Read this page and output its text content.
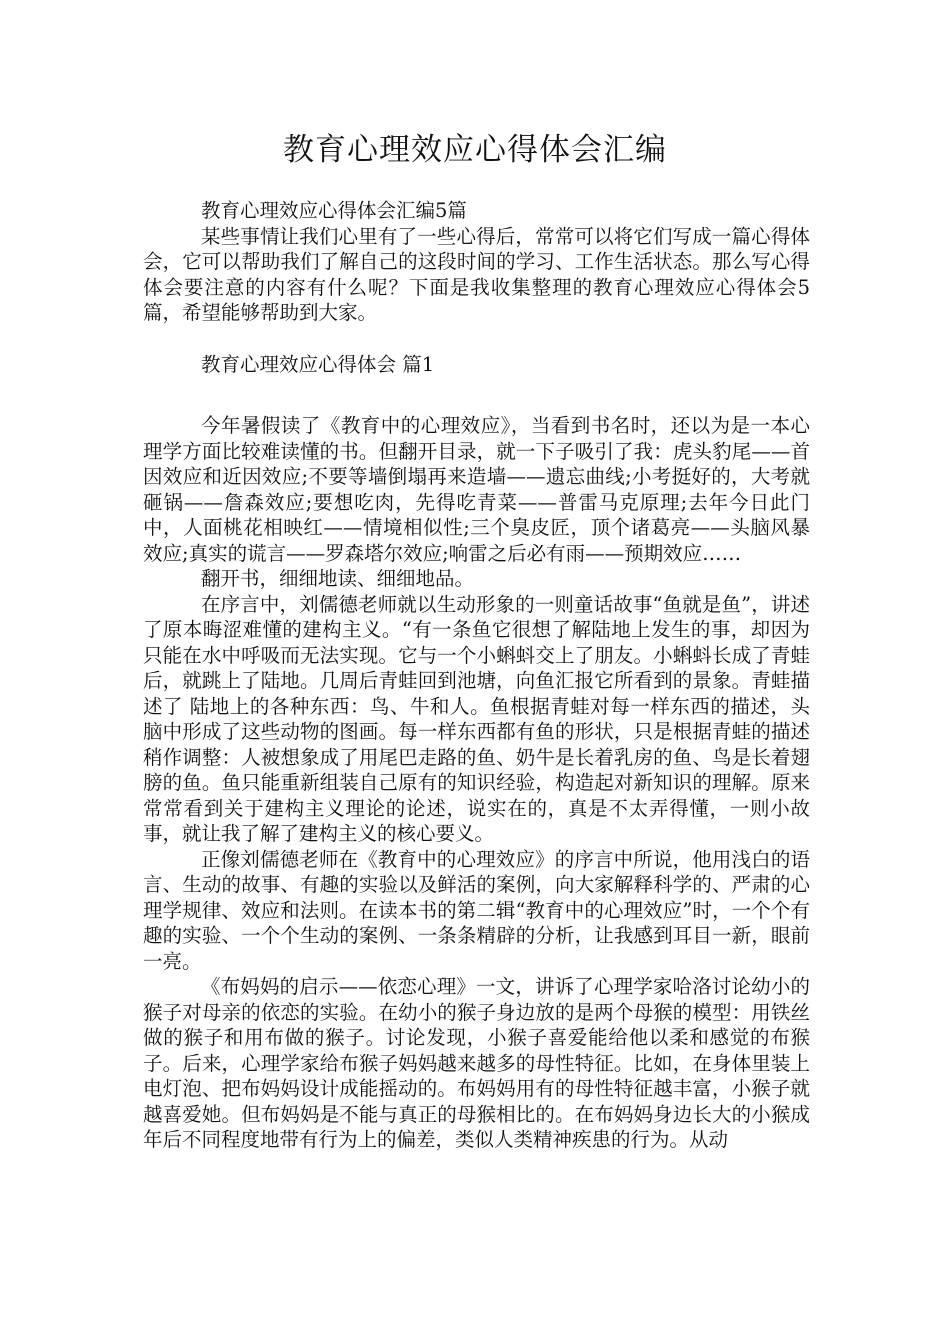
教育心理效应心得体会汇编

教育心理效应心得体会汇编5篇

某些事情让我们心里有了一些心得后，常常可以将它们写成一篇心得体会，它可以帮助我们了解自己的这段时间的学习、工作生活状态。那么写心得体会要注意的内容有什么呢？下面是我收集整理的教育心理效应心得体会5篇，希望能够帮助到大家。

教育心理效应心得体会 篇1

今年暑假读了《教育中的心理效应》，当看到书名时，还以为是一本心理学方面比较难读懂的书。但翻开目录，就一下子吸引了我：虎头豹尾——首因效应和近因效应;不要等墙倒塌再来造墙——遗忘曲线;小考挺好的，大考就砸锅——詹森效应;要想吃肉，先得吃青菜——普雷马克原理;去年今日此门中，人面桃花相映红——情境相似性;三个臭皮匠，顶个诸葛亮——头脑风暴效应;真实的谎言——罗森塔尔效应;响雷之后必有雨——预期效应……

翻开书，细细地读、细细地品。

在序言中，刘儒德老师就以生动形象的一则童话故事“鱼就是鱼”，讲述了原本晦涩难懂的建构主义。“有一条鱼它很想了解陆地上发生的事，却因为只能在水中呼吸而无法实现。它与一个小蝌蚪交上了朋友。小蝌蚪长成了青蛙后，就跳上了陆地。几周后青蛙回到池塘，向鱼汇报它所看到的景象。青蛙描述了 陆地上的各种东西：鸟、牛和人。鱼根据青蛙对每一样东西的描述，头脑中形成了这些动物的图画。每一样东西都有鱼的形状，只是根据青蛙的描述稍作调整：人被想象成了用尾巴走路的鱼、奶牛是长着乳房的鱼、鸟是长着翅膀的鱼。鱼只能重新组装自己原有的知识经验，构造起对新知识的理解。原来常常看到关于建构主义理论的论述，说实在的，真是不太弄得懂，一则小故事，就让我了解了建构主义的核心要义。

正像刘儒德老师在《教育中的心理效应》的序言中所说，他用浅白的语言、生动的故事、有趣的实验以及鲜活的案例，向大家解释科学的、严肃的心理学规律、效应和法则。在读本书的第二辑“教育中的心理效应”时，一个个有趣的实验、一个个生动的案例、一条条精辟的分析，让我感到耳目一新，眼前一亮。

《布妈妈的启示——依恋心理》一文，讲诉了心理学家哈洛讨论幼小的猴子对母亲的依恋的实验。在幼小的猴子身边放的是两个母猴的模型：用铁丝做的猴子和用布做的猴子。讨论发现，小猴子喜爱能给他以柔和感觉的布猴子。后来，心理学家给布猴子妈妈越来越多的母性特征。比如，在身体里装上电灯泡、把布妈妈设计成能摇动的。布妈妈用有的母性特征越丰富，小猴子就越喜爱她。但布妈妈是不能与真正的母猴相比的。在布妈妈身边长大的小猴成年后不同程度地带有行为上的偏差，类似人类精神疾患的行为。从动
